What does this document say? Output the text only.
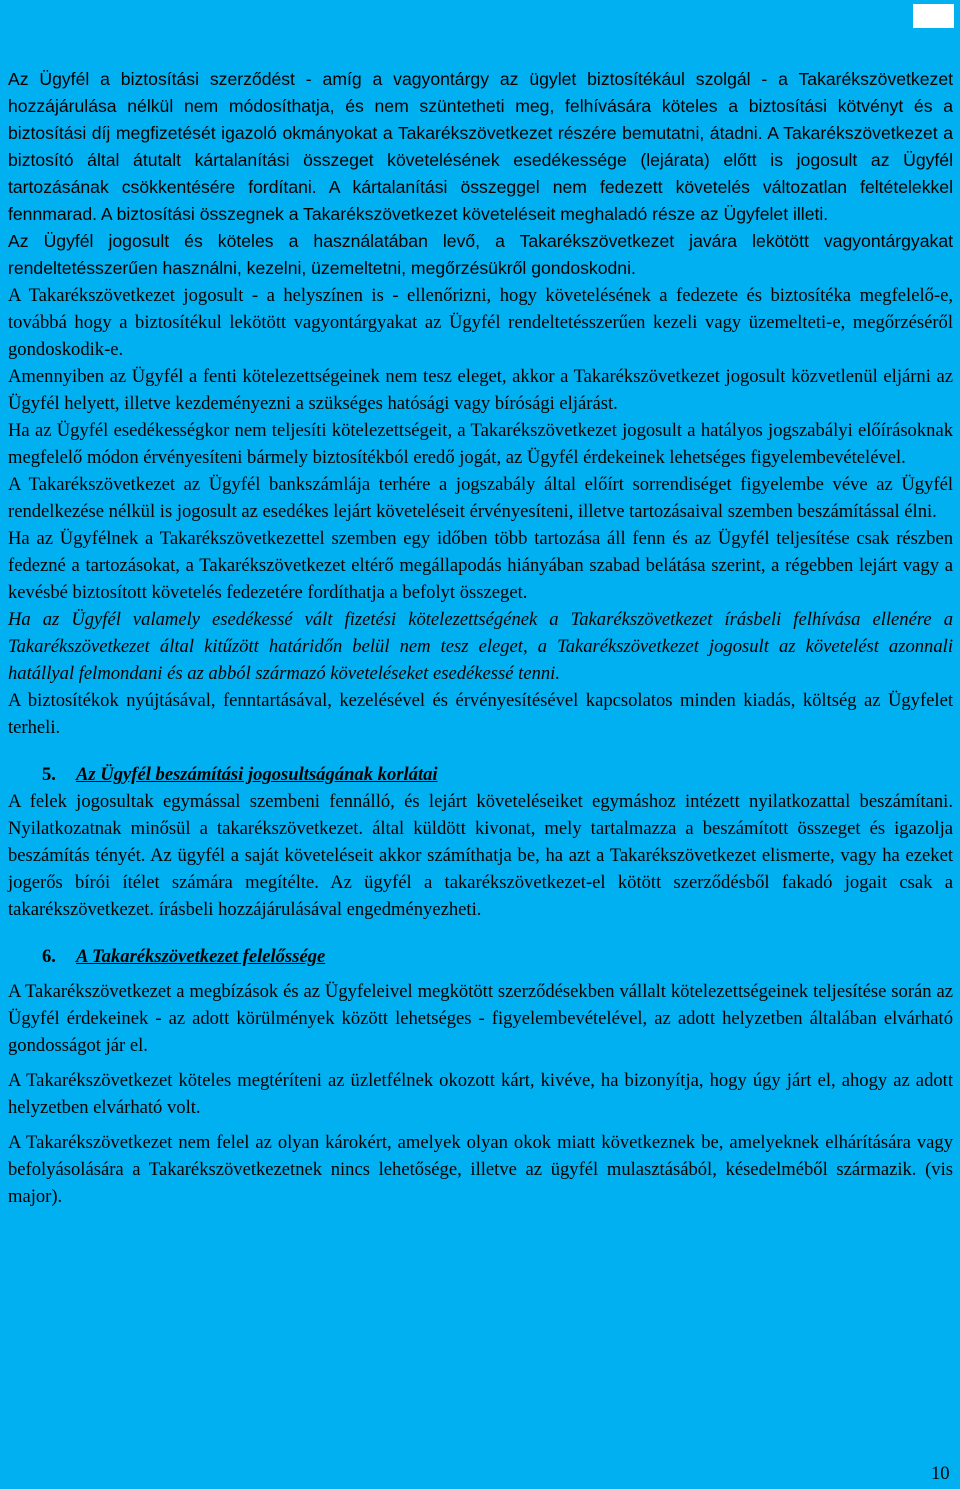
Az Ügyfél a biztosítási szerződést - amíg a vagyontárgy az ügylet biztosítékául szolgál - a Takarékszövetkezet hozzájárulása nélkül nem módosíthatja, és nem szüntetheti meg, felhívására köteles a biztosítási kötvényt és a biztosítási díj megfizetését igazoló okmányokat a Takarékszövetkezet részére bemutatni, átadni. A Takarékszövetkezet a biztosító által átutalt kártalanítási összeget követelésének esedékessége (lejárata) előtt is jogosult az Ügyfél tartozásának csökkentésére fordítani. A kártalanítási összeggel nem fedezett követelés változatlan feltételekkel fennmarad. A biztosítási összegnek a Takarékszövetkezet követeléseit meghaladó része az Ügyfelet illeti.

Az Ügyfél jogosult és köteles a használatában levő, a Takarékszövetkezet javára lekötött vagyontárgyakat rendeltetésszerűen használni, kezelni, üzemeltetni, megőrzésükről gondoskodni.

A Takarékszövetkezet jogosult - a helyszínen is - ellenőrizni, hogy követelésének a fedezete és biztosítéka megfelelő-e, továbbá hogy a biztosítékul lekötött vagyontárgyakat az Ügyfél rendeltetésszerűen kezeli vagy üzemelteti-e, megőrzéséről gondoskodik-e.

Amennyiben az Ügyfél a fenti kötelezettségeinek nem tesz eleget, akkor a Takarékszövetkezet jogosult közvetlenül eljárni az Ügyfél helyett, illetve kezdeményezni a szükséges hatósági vagy bírósági eljárást.

Ha az Ügyfél esedékességkor nem teljesíti kötelezettségeit, a Takarékszövetkezet jogosult a hatályos jogszabályi előírásoknak megfelelő módon érvényesíteni bármely biztosítékból eredő jogát, az Ügyfél érdekeinek lehetséges figyelembevételével.

A Takarékszövetkezet az Ügyfél bankszámlája terhére a jogszabály által előírt sorrendiséget figyelembe véve az Ügyfél rendelkezése nélkül is jogosult az esedékes lejárt követeléseit érvényesíteni, illetve tartozásaival szemben beszámítással élni.

Ha az Ügyfélnek a Takarékszövetkezettel szemben egy időben több tartozása áll fenn és az Ügyfél teljesítése csak részben fedezné a tartozásokat, a Takarékszövetkezet eltérő megállapodás hiányában szabad belátása szerint, a régebben lejárt vagy a kevésbé biztosított követelés fedezetére fordíthatja a befolyt összeget.

Ha az Ügyfél valamely esedékessé vált fizetési kötelezettségének a Takarékszövetkezet írásbeli felhívása ellenére a Takarékszövetkezet által kitűzött határidőn belül nem tesz eleget, a Takarékszövetkezet jogosult az követelést azonnali hatállyal felmondani és az abból származó követeléseket esedékessé tenni.

A biztosítékok nyújtásával, fenntartásával, kezelésével és érvényesítésével kapcsolatos minden kiadás, költség az Ügyfelet terheli.

5. Az Ügyfél beszámítási jogosultságának korlátai

A felek jogosultak egymással szembeni fennálló, és lejárt követeléseiket egymáshoz intézett nyilatkozattal beszámítani. Nyilatkozatnak minősül a takarékszövetkezet. által küldött kivonat, mely tartalmazza a beszámított összeget és igazolja beszámítás tényét. Az ügyfél a saját követeléseit akkor számíthatja be, ha azt a Takarékszövetkezet elismerte, vagy ha ezeket jogerős bírói ítélet számára megítélte. Az ügyfél a takarékszövetkezet-el kötött szerződésből fakadó jogait csak a takarékszövetkezet. írásbeli hozzájárulásával engedményezheti.

6. A Takarékszövetkezet felelőssége

A Takarékszövetkezet a megbízások és az Ügyfeleivel megkötött szerződésekben vállalt kötelezettségeinek teljesítése során az Ügyfél érdekeinek - az adott körülmények között lehetséges - figyelembevételével, az adott helyzetben általában elvárható gondosságot jár el.

A Takarékszövetkezet köteles megtéríteni az üzletfélnek okozott kárt, kivéve, ha bizonyítja, hogy úgy járt el, ahogy az adott helyzetben elvárható volt.

A Takarékszövetkezet nem felel az olyan károkért, amelyek olyan okok miatt következnek be, amelyeknek elhárítására vagy befolyásolására a Takarékszövetkezetnek nincs lehetősége, illetve az ügyfél mulasztásából, késedelméből származik. (vis major).

10
